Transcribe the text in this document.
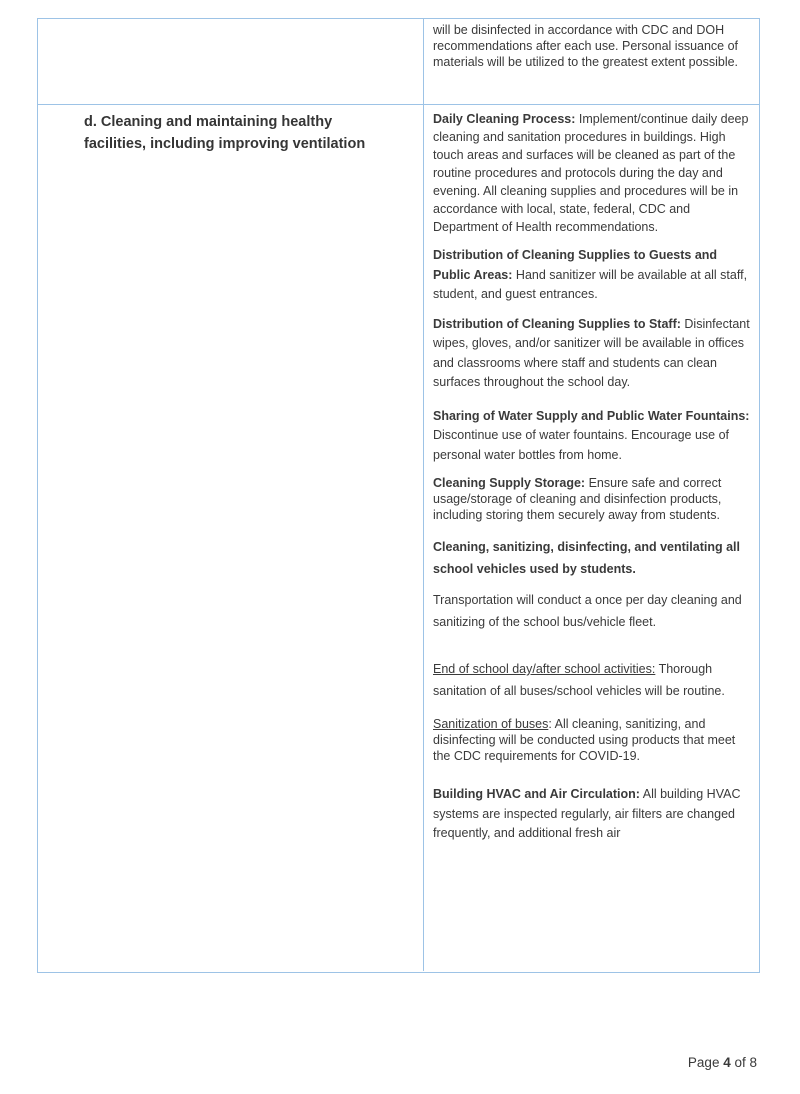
will be disinfected in accordance with CDC and DOH recommendations after each use. Personal issuance of materials will be utilized to the greatest extent possible.

d. Cleaning and maintaining healthy facilities, including improving ventilation

Daily Cleaning Process: Implement/continue daily deep cleaning and sanitation procedures in buildings. High touch areas and surfaces will be cleaned as part of the routine procedures and protocols during the day and evening. All cleaning supplies and procedures will be in accordance with local, state, federal, CDC and Department of Health recommendations.

Distribution of Cleaning Supplies to Guests and Public Areas: Hand sanitizer will be available at all staff, student, and guest entrances.

Distribution of Cleaning Supplies to Staff: Disinfectant wipes, gloves, and/or sanitizer will be available in offices and classrooms where staff and students can clean surfaces throughout the school day.

Sharing of Water Supply and Public Water Fountains: Discontinue use of water fountains. Encourage use of personal water bottles from home.

Cleaning Supply Storage: Ensure safe and correct usage/storage of cleaning and disinfection products, including storing them securely away from students.

Cleaning, sanitizing, disinfecting, and ventilating all school vehicles used by students.

Transportation will conduct a once per day cleaning and sanitizing of the school bus/vehicle fleet.

End of school day/after school activities: Thorough sanitation of all buses/school vehicles will be routine.

Sanitization of buses: All cleaning, sanitizing, and disinfecting will be conducted using products that meet the CDC requirements for COVID-19.

Building HVAC and Air Circulation: All building HVAC systems are inspected regularly, air filters are changed frequently, and additional fresh air

Page 4 of 8
